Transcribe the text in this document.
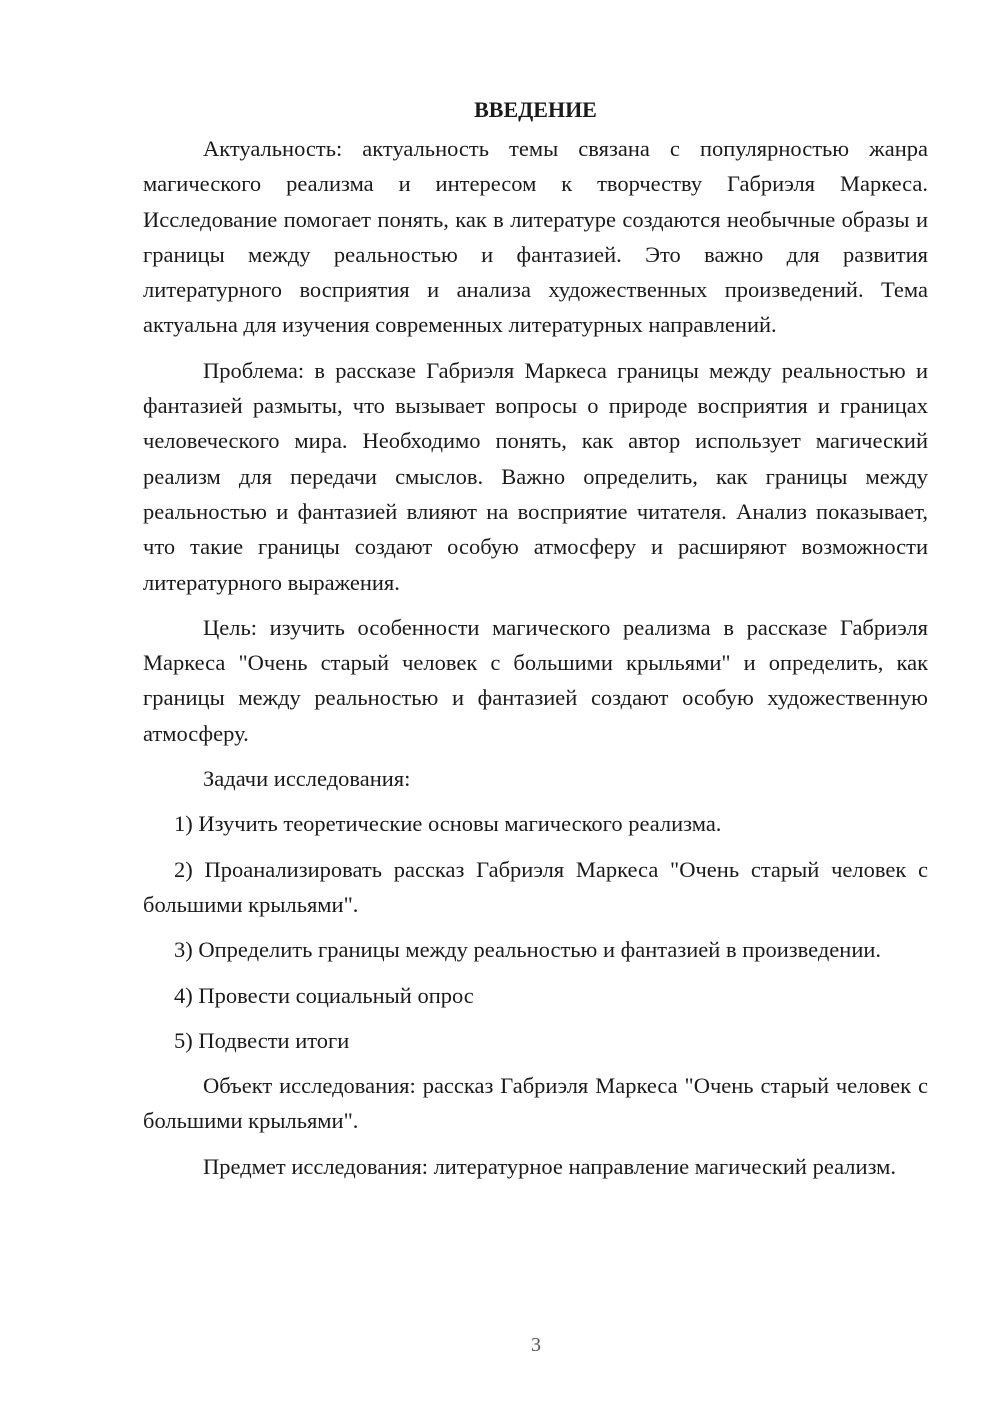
ВВЕДЕНИЕ

Актуальность: актуальность темы связана с популярностью жанра магического реализма и интересом к творчеству Габриэля Маркеса. Исследование помогает понять, как в литературе создаются необычные образы и границы между реальностью и фантазией. Это важно для развития литературного восприятия и анализа художественных произведений. Тема актуальна для изучения современных литературных направлений.

Проблема: в рассказе Габриэля Маркеса границы между реальностью и фантазией размыты, что вызывает вопросы о природе восприятия и границах человеческого мира. Необходимо понять, как автор использует магический реализм для передачи смыслов. Важно определить, как границы между реальностью и фантазией влияют на восприятие читателя. Анализ показывает, что такие границы создают особую атмосферу и расширяют возможности литературного выражения.

Цель: изучить особенности магического реализма в рассказе Габриэля Маркеса "Очень старый человек с большими крыльями" и определить, как границы между реальностью и фантазией создают особую художественную атмосферу.

Задачи исследования:

1) Изучить теоретические основы магического реализма.

2) Проанализировать рассказ Габриэля Маркеса "Очень старый человек с большими крыльями".

3) Определить границы между реальностью и фантазией в произведении.

4) Провести социальный опрос

5) Подвести итоги

Объект исследования: рассказ Габриэля Маркеса "Очень старый человек с большими крыльями".

Предмет исследования: литературное направление магический реализм.

3
